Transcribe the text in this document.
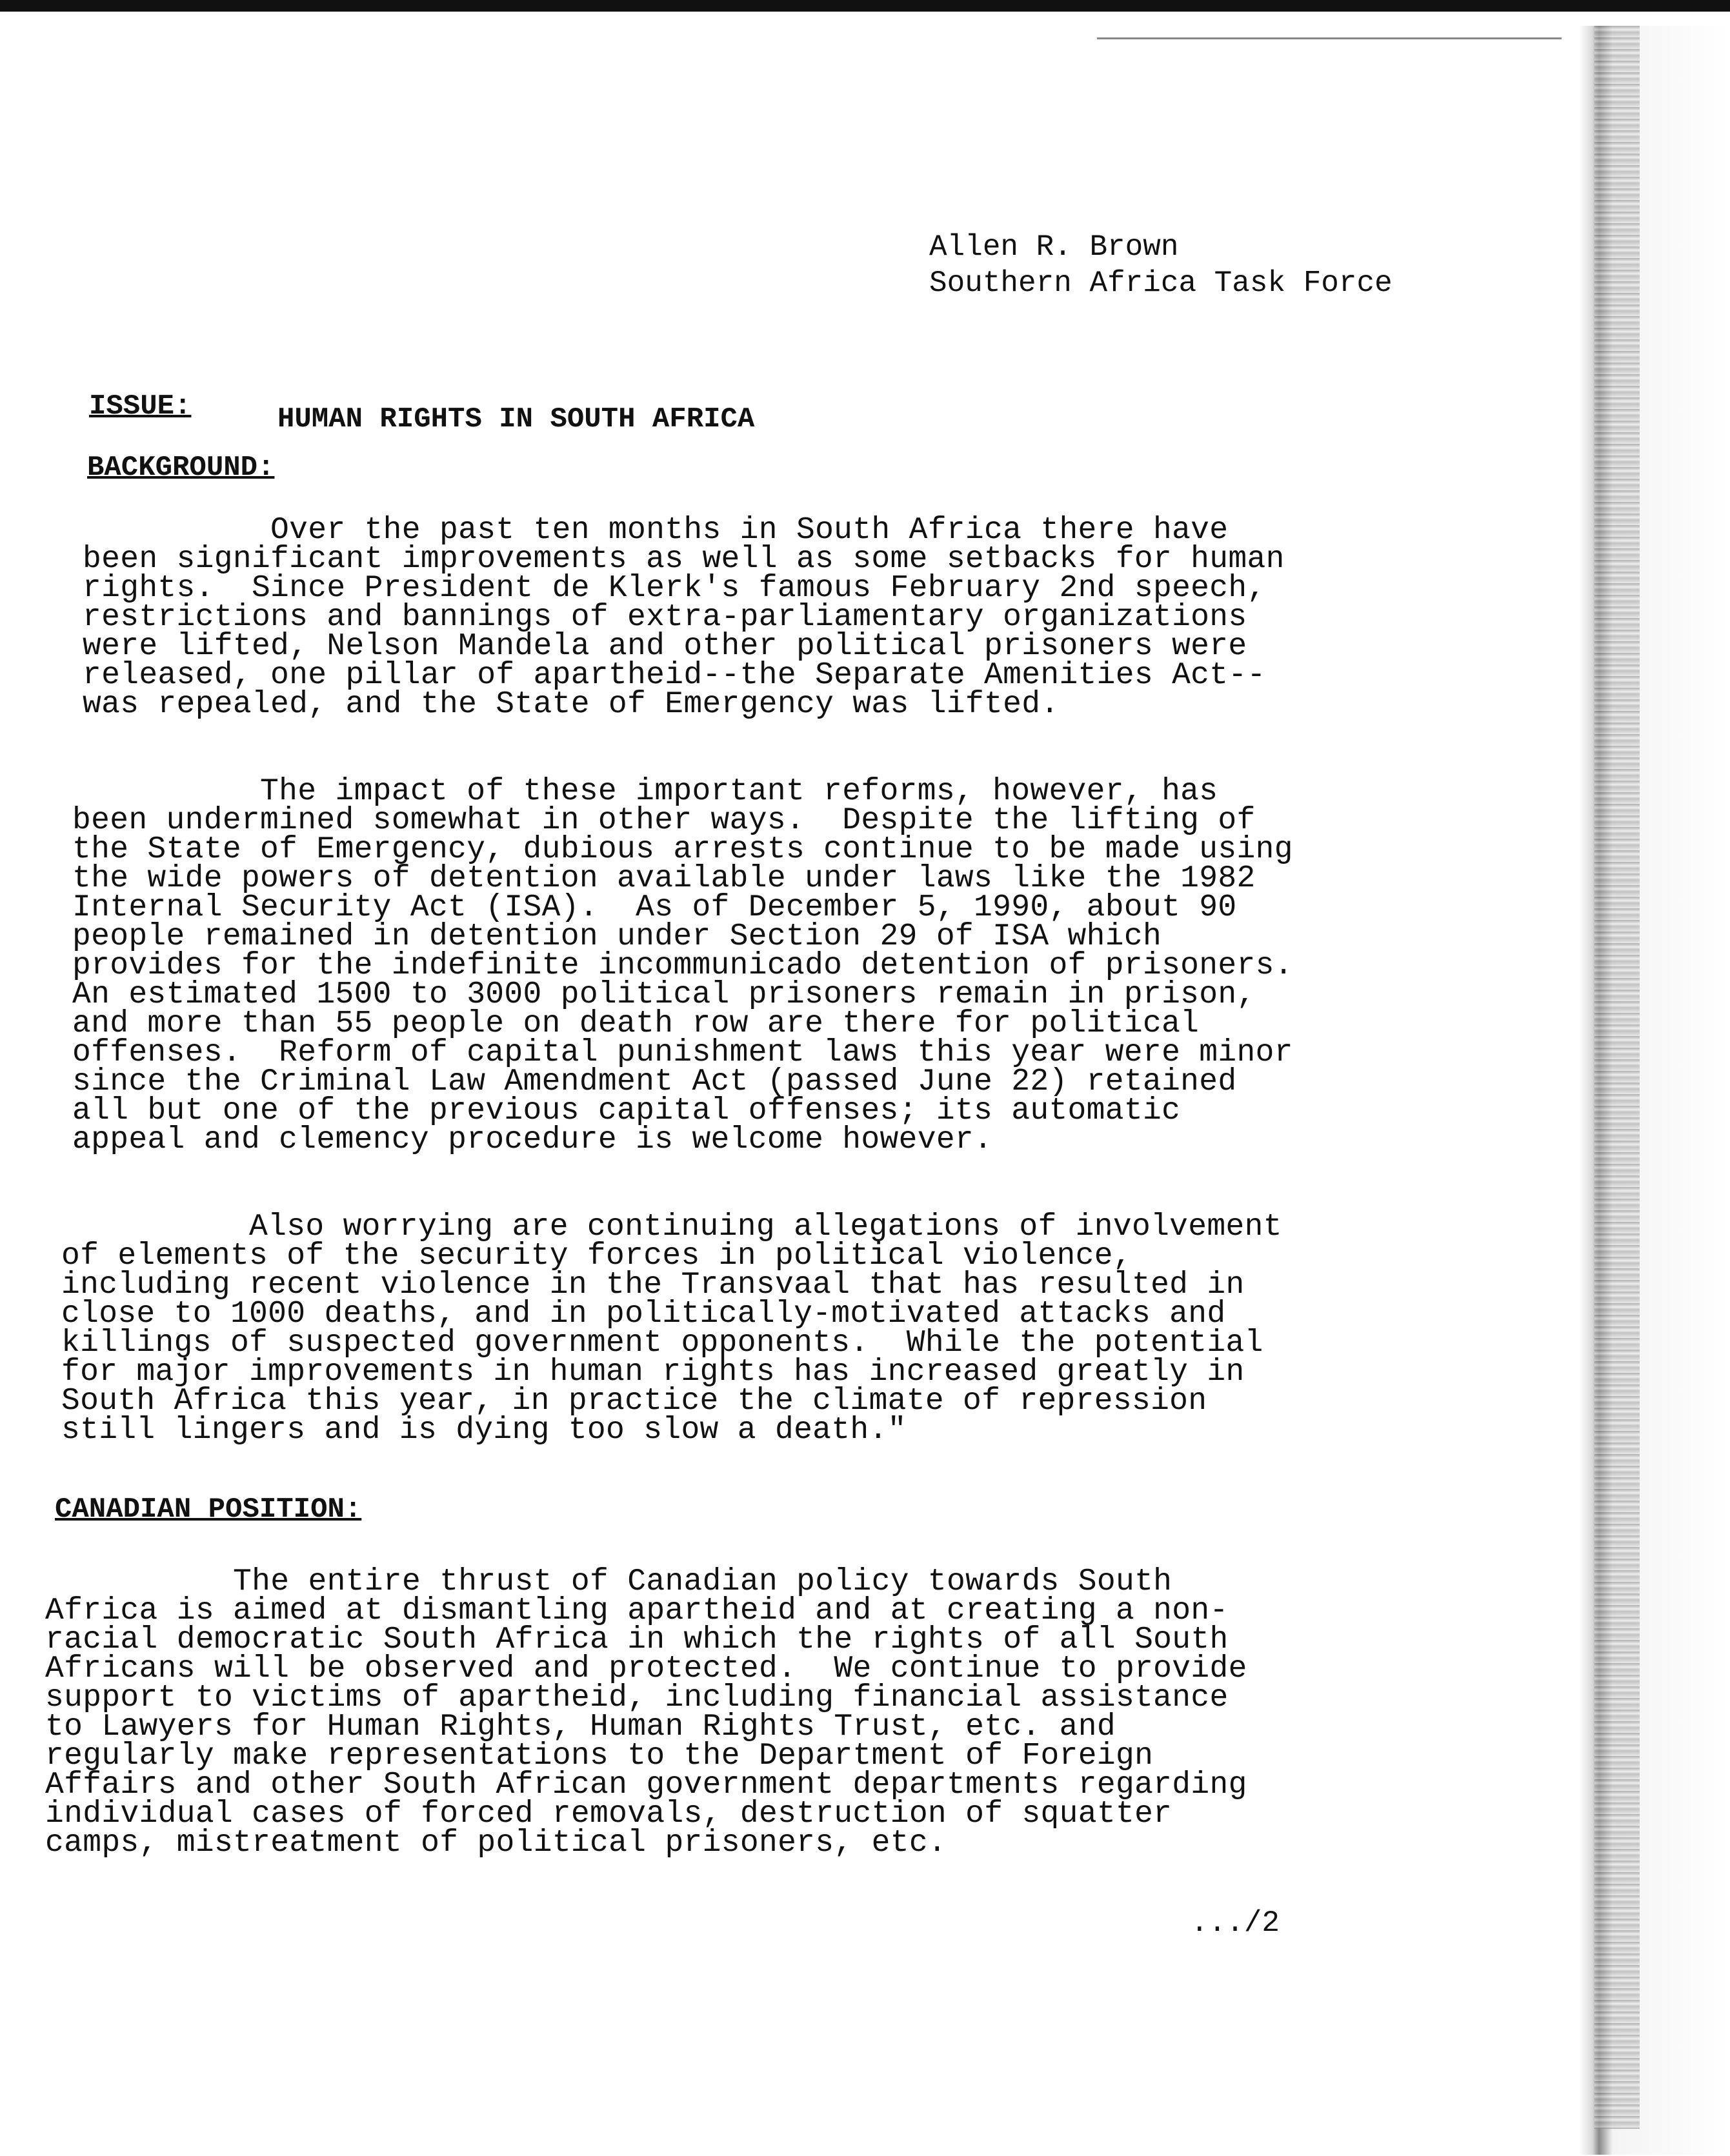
Allen R. Brown
Southern Africa Task Force
ISSUE:	HUMAN RIGHTS IN SOUTH AFRICA
BACKGROUND:
Over the past ten months in South Africa there have
been significant improvements as well as some setbacks for human
rights.  Since President de Klerk's famous February 2nd speech,
restrictions and bannings of extra-parliamentary organizations
were lifted, Nelson Mandela and other political prisoners were
released, one pillar of apartheid--the Separate Amenities Act--
was repealed, and the State of Emergency was lifted.
The impact of these important reforms, however, has
been undermined somewhat in other ways.  Despite the lifting of
the State of Emergency, dubious arrests continue to be made using
the wide powers of detention available under laws like the 1982
Internal Security Act (ISA).  As of December 5, 1990, about 90
people remained in detention under Section 29 of ISA which
provides for the indefinite incommunicado detention of prisoners.
An estimated 1500 to 3000 political prisoners remain in prison,
and more than 55 people on death row are there for political
offenses.  Reform of capital punishment laws this year were minor
since the Criminal Law Amendment Act (passed June 22) retained
all but one of the previous capital offenses; its automatic
appeal and clemency procedure is welcome however.
Also worrying are continuing allegations of involvement
of elements of the security forces in political violence,
including recent violence in the Transvaal that has resulted in
close to 1000 deaths, and in politically-motivated attacks and
killings of suspected government opponents.  While the potential
for major improvements in human rights has increased greatly in
South Africa this year, in practice the climate of repression
still lingers and is dying too slow a death."
CANADIAN POSITION:
The entire thrust of Canadian policy towards South
Africa is aimed at dismantling apartheid and at creating a non-
racial democratic South Africa in which the rights of all South
Africans will be observed and protected.  We continue to provide
support to victims of apartheid, including financial assistance
to Lawyers for Human Rights, Human Rights Trust, etc. and
regularly make representations to the Department of Foreign
Affairs and other South African government departments regarding
individual cases of forced removals, destruction of squatter
camps, mistreatment of political prisoners, etc.
.../2
